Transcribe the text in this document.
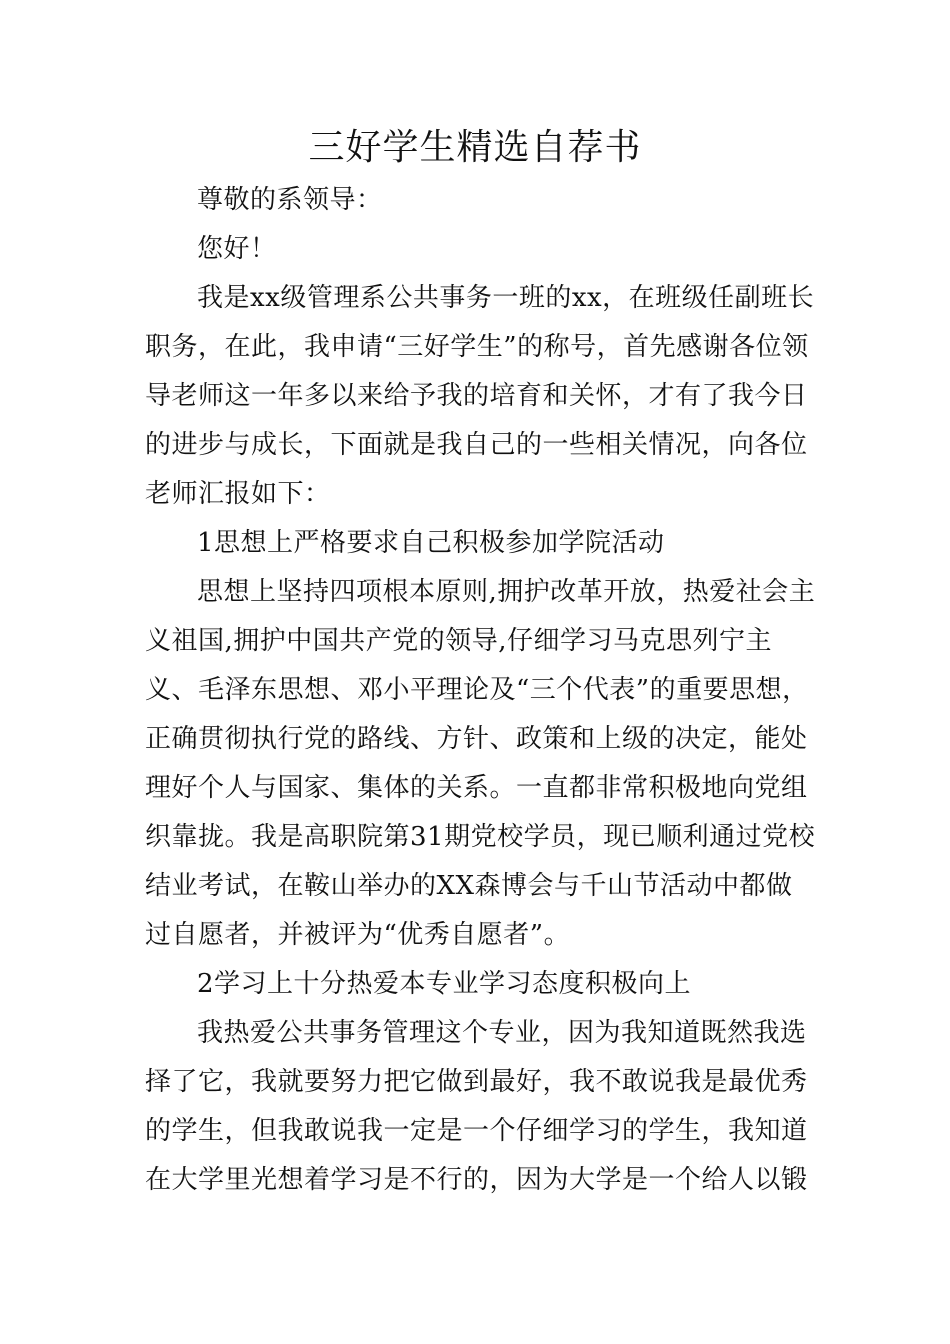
三好学生精选自荐书

尊敬的系领导：

您好！

我是xx级管理系公共事务一班的xx，在班级任副班长职务，在此，我申请“三好学生”的称号，首先感谢各位领导老师这一年多以来给予我的培育和关怀，才有了我今日的进步与成长，下面就是我自己的一些相关情况，向各位老师汇报如下：

1思想上严格要求自己积极参加学院活动

思想上坚持四项根本原则,拥护改革开放，热爱社会主义祖国,拥护中国共产党的领导,仔细学习马克思列宁主义、毛泽东思想、邓小平理论及“三个代表”的重要思想，正确贯彻执行党的路线、方针、政策和上级的决定，能处理好个人与国家、集体的关系。一直都非常积极地向党组织靠拢。我是高职院第31期党校学员，现已顺利通过党校结业考试，在鞍山举办的XX森博会与千山节活动中都做过自愿者，并被评为“优秀自愿者”。

2学习上十分热爱本专业学习态度积极向上

我热爱公共事务管理这个专业，因为我知道既然我选择了它，我就要努力把它做到最好，我不敢说我是最优秀的学生，但我敢说我一定是一个仔细学习的学生，我知道在大学里光想着学习是不行的，因为大学是一个给人以锻
